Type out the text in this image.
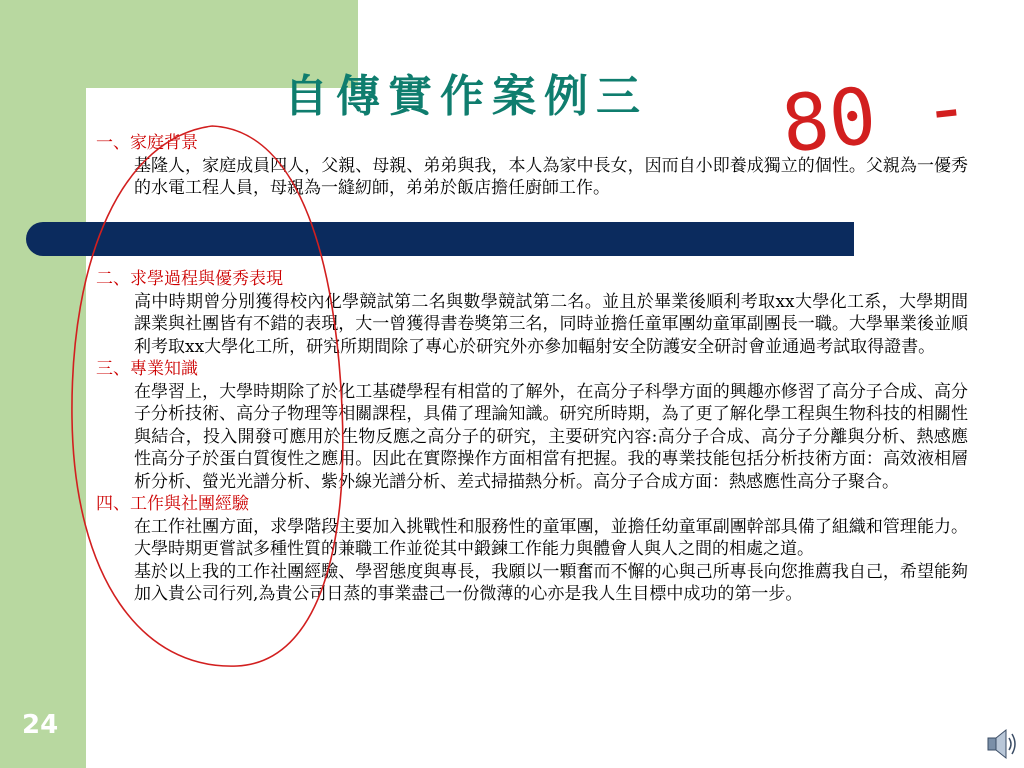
自傳實作案例三 80 -

一、家庭背景

基隆人，家庭成員四人，父親、母親、弟弟與我，本人為家中長女，因而自小即養成獨立的個性。父親為一優秀的水電工程人員，母親為一縫紉師，弟弟於飯店擔任廚師工作。

二、求學過程與優秀表現

高中時期曾分別獲得校內化學競試第二名與數學競試第二名。並且於畢業後順利考取xx大學化工系，大學期間課業與社團皆有不錯的表現，大一曾獲得書卷獎第三名，同時並擔任童軍團幼童軍副團長一職。大學畢業後並順利考取xx大學化工所，研究所期間除了專心於研究外亦參加輻射安全防護安全研討會並通過考試取得證書。

三、專業知識

在學習上，大學時期除了於化工基礎學程有相當的了解外，在高分子科學方面的興趣亦修習了高分子合成、高分子分析技術、高分子物理等相關課程，具備了理論知識。研究所時期，為了更了解化學工程與生物科技的相關性與結合，投入開發可應用於生物反應之高分子的研究，主要研究內容:高分子合成、高分子分離與分析、熱感應性高分子於蛋白質復性之應用。因此在實際操作方面相當有把握。我的專業技能包括分析技術方面：高效液相層析分析、螢光光譜分析、紫外線光譜分析、差式掃描熱分析。高分子合成方面：熱感應性高分子聚合。

四、工作與社團經驗

在工作社團方面，求學階段主要加入挑戰性和服務性的童軍團，並擔任幼童軍副團幹部具備了組織和管理能力。大學時期更嘗試多種性質的兼職工作並從其中鍛鍊工作能力與體會人與人之間的相處之道。

基於以上我的工作社團經驗、學習態度與專長，我願以一顆奮而不懈的心與己所專長向您推薦我自己，希望能夠加入貴公司行列,為貴公司日蒸的事業盡己一份微薄的心亦是我人生目標中成功的第一步。

24
